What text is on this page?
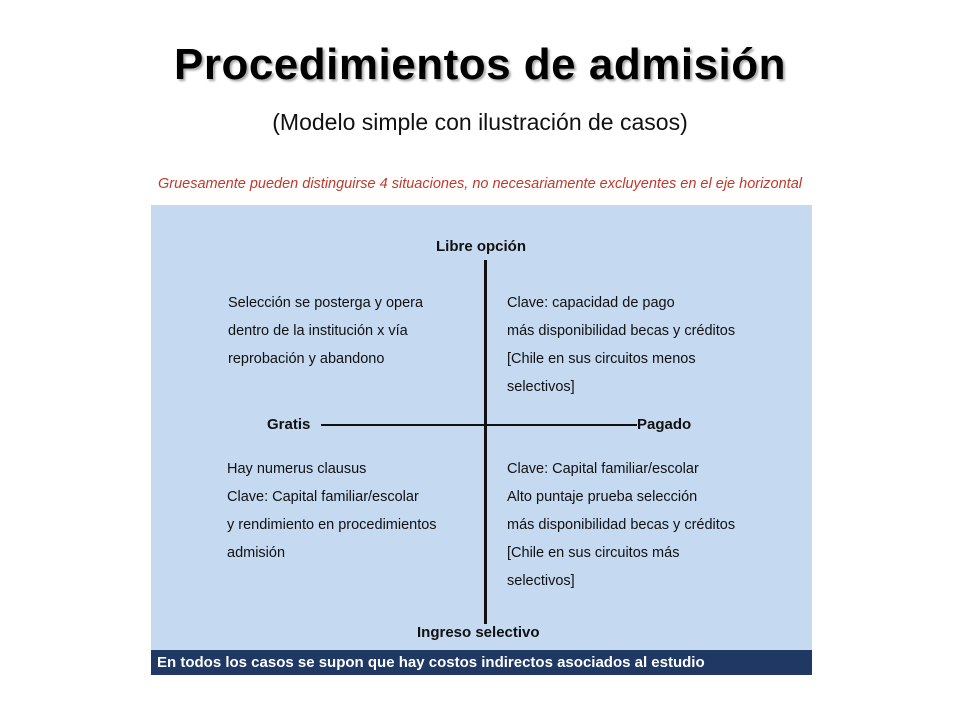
Procedimientos de admisión
(Modelo simple con ilustración de casos)
Gruesamente pueden distinguirse 4 situaciones, no necesariamente excluyentes en el eje horizontal
Libre opción
Ingreso selectivo
Gratis	Pagado
Selección se posterga y opera
dentro de la institución x vía
reprobación y abandono
Clave: capacidad de pago
más disponibilidad becas y créditos
[Chile en sus circuitos menos
selectivos]
Hay numerus clausus
Clave: Capital familiar/escolar
y rendimiento en procedimientos
admisión
Clave: Capital familiar/escolar
Alto puntaje prueba selección
más disponibilidad becas y créditos
[Chile en sus circuitos más
selectivos]
En todos los casos se supon que hay costos indirectos asociados al estudio
